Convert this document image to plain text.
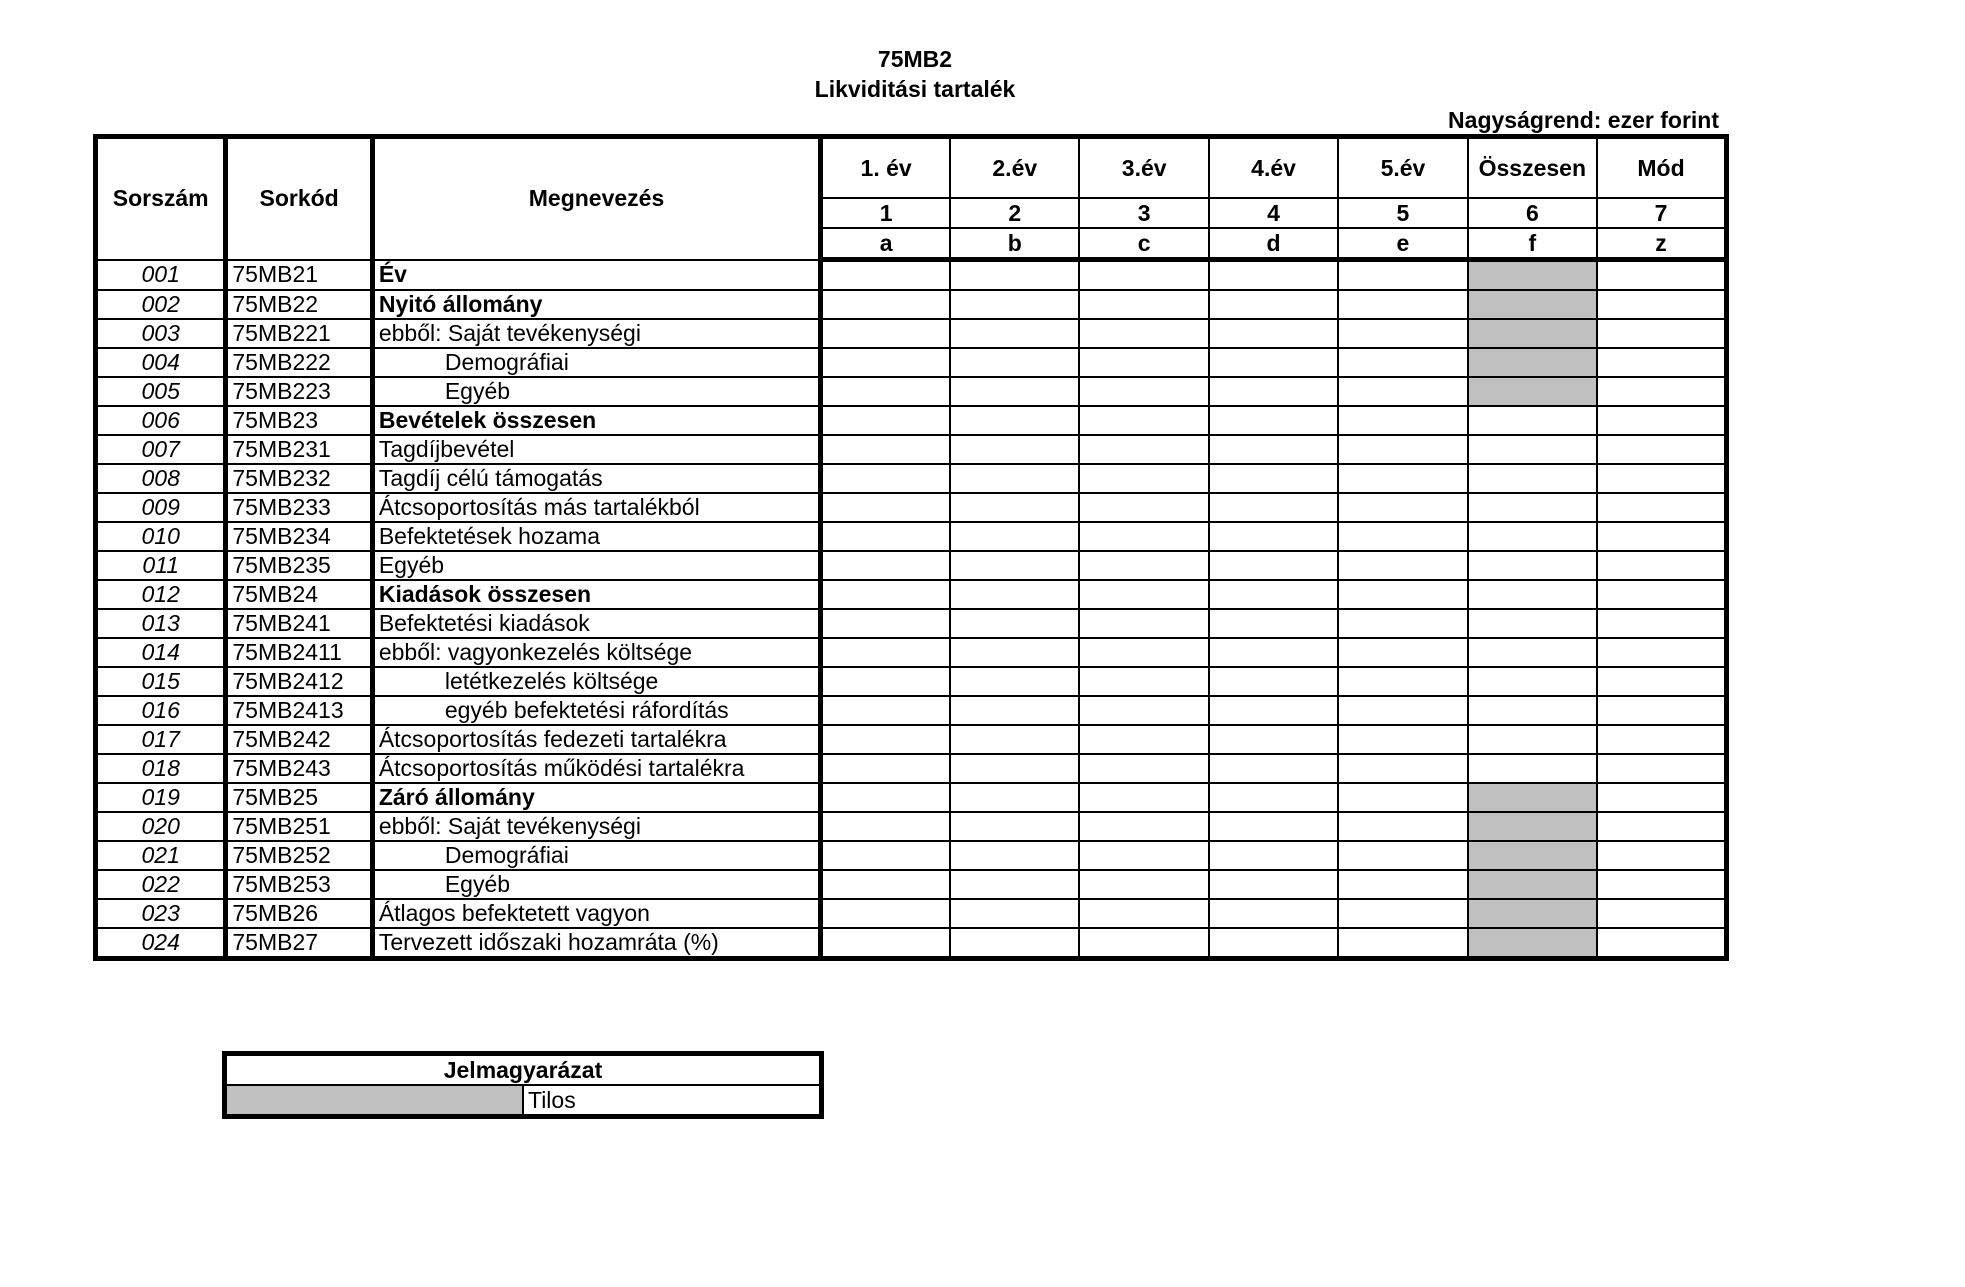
75MB2
Likviditási tartalék
Nagyságrend: ezer forint
Sorszám	Sorkód	Megnevezés	1. év	2.év	3.év	4.év	5.év	Összesen	Mód
			1	2	3	4	5	6	7
			a	b	c	d	e	f	z
001	75MB21	Év							
002	75MB22	Nyitó állomány							
003	75MB221	ebből: Saját tevékenységi							
004	75MB222	Demográfiai							
005	75MB223	Egyéb							
006	75MB23	Bevételek összesen							
007	75MB231	Tagdíjbevétel							
008	75MB232	Tagdíj célú támogatás							
009	75MB233	Átcsoportosítás más tartalékból							
010	75MB234	Befektetések hozama							
011	75MB235	Egyéb							
012	75MB24	Kiadások összesen							
013	75MB241	Befektetési kiadások							
014	75MB2411	ebből: vagyonkezelés költsége							
015	75MB2412	letétkezelés költsége							
016	75MB2413	egyéb befektetési ráfordítás							
017	75MB242	Átcsoportosítás fedezeti tartalékra							
018	75MB243	Átcsoportosítás működési tartalékra							
019	75MB25	Záró állomány							
020	75MB251	ebből: Saját tevékenységi							
021	75MB252	Demográfiai							
022	75MB253	Egyéb							
023	75MB26	Átlagos befektetett vagyon							
024	75MB27	Tervezett időszaki hozamráta (%)							
Jelmagyarázat
	Tilos
